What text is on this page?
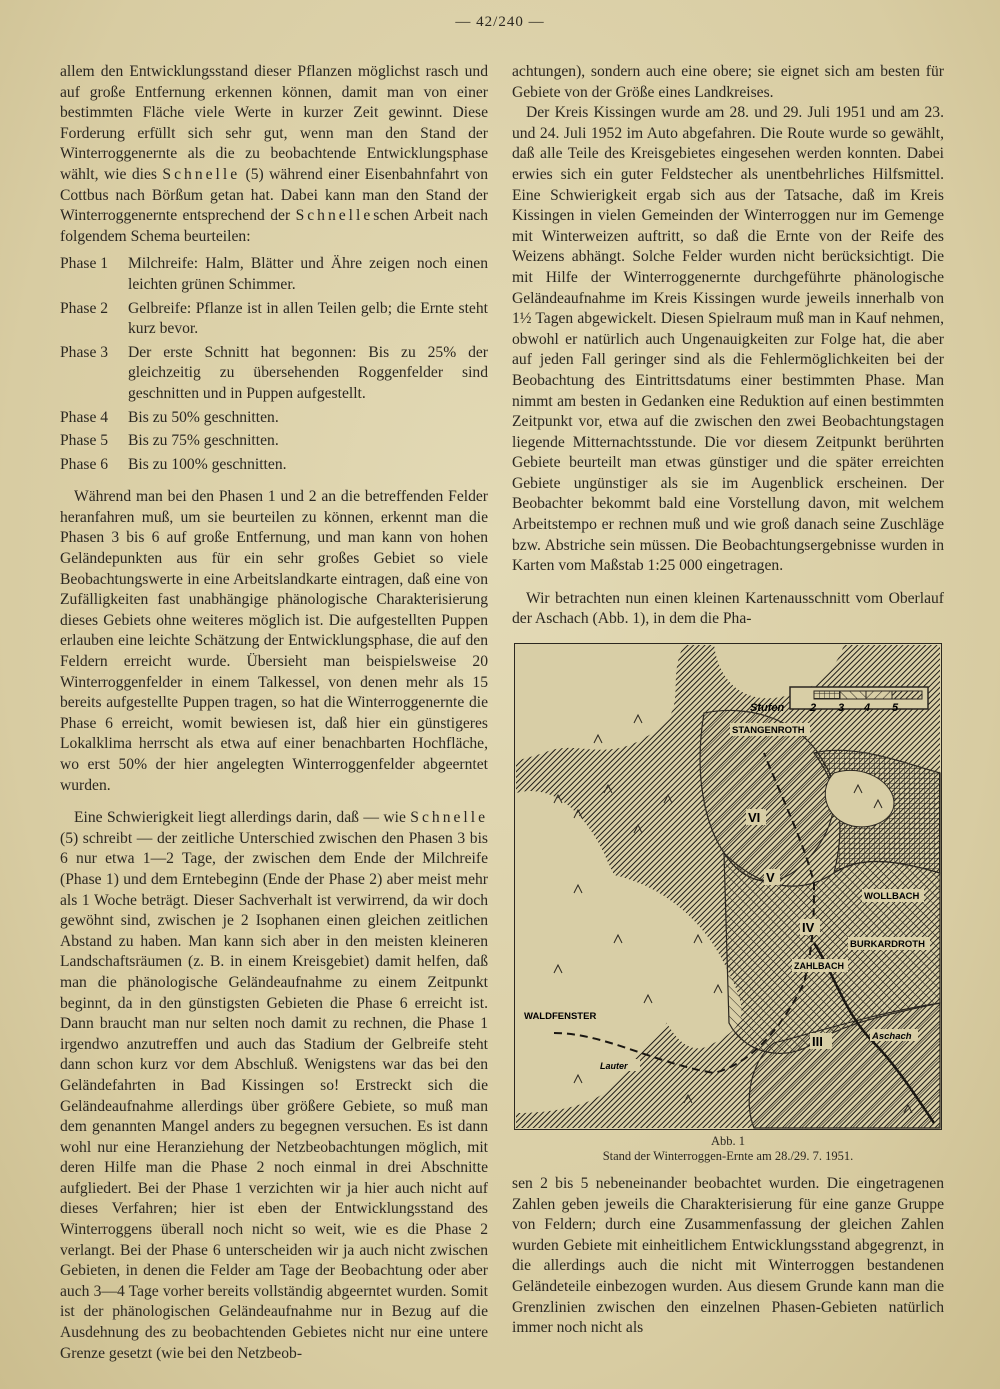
— 42/240 —

allem den Entwicklungsstand dieser Pflanzen möglichst rasch und auf große Entfernung erkennen können, damit man von einer bestimmten Fläche viele Werte in kurzer Zeit gewinnt. Diese Forderung erfüllt sich sehr gut, wenn man den Stand der Winterroggenernte als die zu beobachtende Entwicklungsphase wählt, wie dies Schnelle (5) während einer Eisenbahnfahrt von Cottbus nach Börßum getan hat. Dabei kann man den Stand der Winterroggenernte entsprechend der Schnelleschen Arbeit nach folgendem Schema beurteilen:

Phase 1	Milchreife: Halm, Blätter und Ähre zeigen noch einen leichten grünen Schimmer.
Phase 2	Gelbreife: Pflanze ist in allen Teilen gelb; die Ernte steht kurz bevor.
Phase 3	Der erste Schnitt hat begonnen: Bis zu 25% der gleichzeitig zu übersehenden Roggenfelder sind geschnitten und in Puppen aufgestellt.
Phase 4	Bis zu 50% geschnitten.
Phase 5	Bis zu 75% geschnitten.
Phase 6	Bis zu 100% geschnitten.

Während man bei den Phasen 1 und 2 an die betreffenden Felder heranfahren muß, um sie beurteilen zu können, erkennt man die Phasen 3 bis 6 auf große Entfernung, und man kann von hohen Geländepunkten aus für ein sehr großes Gebiet so viele Beobachtungswerte in eine Arbeitslandkarte eintragen, daß eine von Zufälligkeiten fast unabhängige phänologische Charakterisierung dieses Gebiets ohne weiteres möglich ist. Die aufgestellten Puppen erlauben eine leichte Schätzung der Entwicklungsphase, die auf den Feldern erreicht wurde. Übersieht man beispielsweise 20 Winterroggenfelder in einem Talkessel, von denen mehr als 15 bereits aufgestellte Puppen tragen, so hat die Winterroggenernte die Phase 6 erreicht, womit bewiesen ist, daß hier ein günstigeres Lokalklima herrscht als etwa auf einer benachbarten Hochfläche, wo erst 50% der hier angelegten Winterroggenfelder abgeerntet wurden.

Eine Schwierigkeit liegt allerdings darin, daß — wie Schnelle (5) schreibt — der zeitliche Unterschied zwischen den Phasen 3 bis 6 nur etwa 1—2 Tage, der zwischen dem Ende der Milchreife (Phase 1) und dem Erntebeginn (Ende der Phase 2) aber meist mehr als 1 Woche beträgt. Dieser Sachverhalt ist verwirrend, da wir doch gewöhnt sind, zwischen je 2 Isophanen einen gleichen zeitlichen Abstand zu haben. Man kann sich aber in den meisten kleineren Landschaftsräumen (z. B. in einem Kreisgebiet) damit helfen, daß man die phänologische Geländeaufnahme zu einem Zeitpunkt beginnt, da in den günstigsten Gebieten die Phase 6 erreicht ist. Dann braucht man nur selten noch damit zu rechnen, die Phase 1 irgendwo anzutreffen und auch das Stadium der Gelbreife steht dann schon kurz vor dem Abschluß. Wenigstens war das bei den Geländefahrten in Bad Kissingen so! Erstreckt sich die Geländeaufnahme allerdings über größere Gebiete, so muß man dem genannten Mangel anders zu begegnen versuchen. Es ist dann wohl nur eine Heranziehung der Netzbeobachtungen möglich, mit deren Hilfe man die Phase 2 noch einmal in drei Abschnitte aufgliedert. Bei der Phase 1 verzichten wir ja hier auch nicht auf dieses Verfahren; hier ist eben der Entwicklungsstand des Winterroggens überall noch nicht so weit, wie es die Phase 2 verlangt. Bei der Phase 6 unterscheiden wir ja auch nicht zwischen Gebieten, in denen die Felder am Tage der Beobachtung oder aber auch 3—4 Tage vorher bereits vollständig abgeerntet wurden. Somit ist der phänologischen Geländeaufnahme nur in Bezug auf die Ausdehnung des zu beobachtenden Gebietes nicht nur eine untere Grenze gesetzt (wie bei den Netzbeob-

achtungen), sondern auch eine obere; sie eignet sich am besten für Gebiete von der Größe eines Landkreises.

Der Kreis Kissingen wurde am 28. und 29. Juli 1951 und am 23. und 24. Juli 1952 im Auto abgefahren. Die Route wurde so gewählt, daß alle Teile des Kreisgebietes eingesehen werden konnten. Dabei erwies sich ein guter Feldstecher als unentbehrliches Hilfsmittel. Eine Schwierigkeit ergab sich aus der Tatsache, daß im Kreis Kissingen in vielen Gemeinden der Winterroggen nur im Gemenge mit Winterweizen auftritt, so daß die Ernte von der Reife des Weizens abhängt. Solche Felder wurden nicht berücksichtigt. Die mit Hilfe der Winterroggenernte durchgeführte phänologische Geländeaufnahme im Kreis Kissingen wurde jeweils innerhalb von 1½ Tagen abgewickelt. Diesen Spielraum muß man in Kauf nehmen, obwohl er natürlich auch Ungenauigkeiten zur Folge hat, die aber auf jeden Fall geringer sind als die Fehlermöglichkeiten bei der Beobachtung des Eintrittsdatums einer bestimmten Phase. Man nimmt am besten in Gedanken eine Reduktion auf einen bestimmten Zeitpunkt vor, etwa auf die zwischen den zwei Beobachtungstagen liegende Mitternachtsstunde. Die vor diesem Zeitpunkt berührten Gebiete beurteilt man etwas günstiger und die später erreichten Gebiete ungünstiger als sie im Augenblick erscheinen. Der Beobachter bekommt bald eine Vorstellung davon, mit welchem Arbeitstempo er rechnen muß und wie groß danach seine Zuschläge bzw. Abstriche sein müssen. Die Beobachtungsergebnisse wurden in Karten vom Maßstab 1:25 000 eingetragen.

Wir betrachten nun einen kleinen Kartenausschnitt vom Oberlauf der Aschach (Abb. 1), in dem die Pha-

Stufen 2 3 4 5
STANGENROTH
WOLLBACH
BURKARDROTH
ZAHLBACH
WALDFENSTER
Lauter
Aschach
VI
V
IV
III
Abb. 1
Stand der Winterroggen-Ernte am 28./29. 7. 1951.

sen 2 bis 5 nebeneinander beobachtet wurden. Die eingetragenen Zahlen geben jeweils die Charakterisierung für eine ganze Gruppe von Feldern; durch eine Zusammenfassung der gleichen Zahlen wurden Gebiete mit einheitlichem Entwicklungsstand abgegrenzt, in die allerdings auch die nicht mit Winterroggen bestandenen Geländeteile einbezogen wurden. Aus diesem Grunde kann man die Grenzlinien zwischen den einzelnen Phasen-Gebieten natürlich immer noch nicht als
